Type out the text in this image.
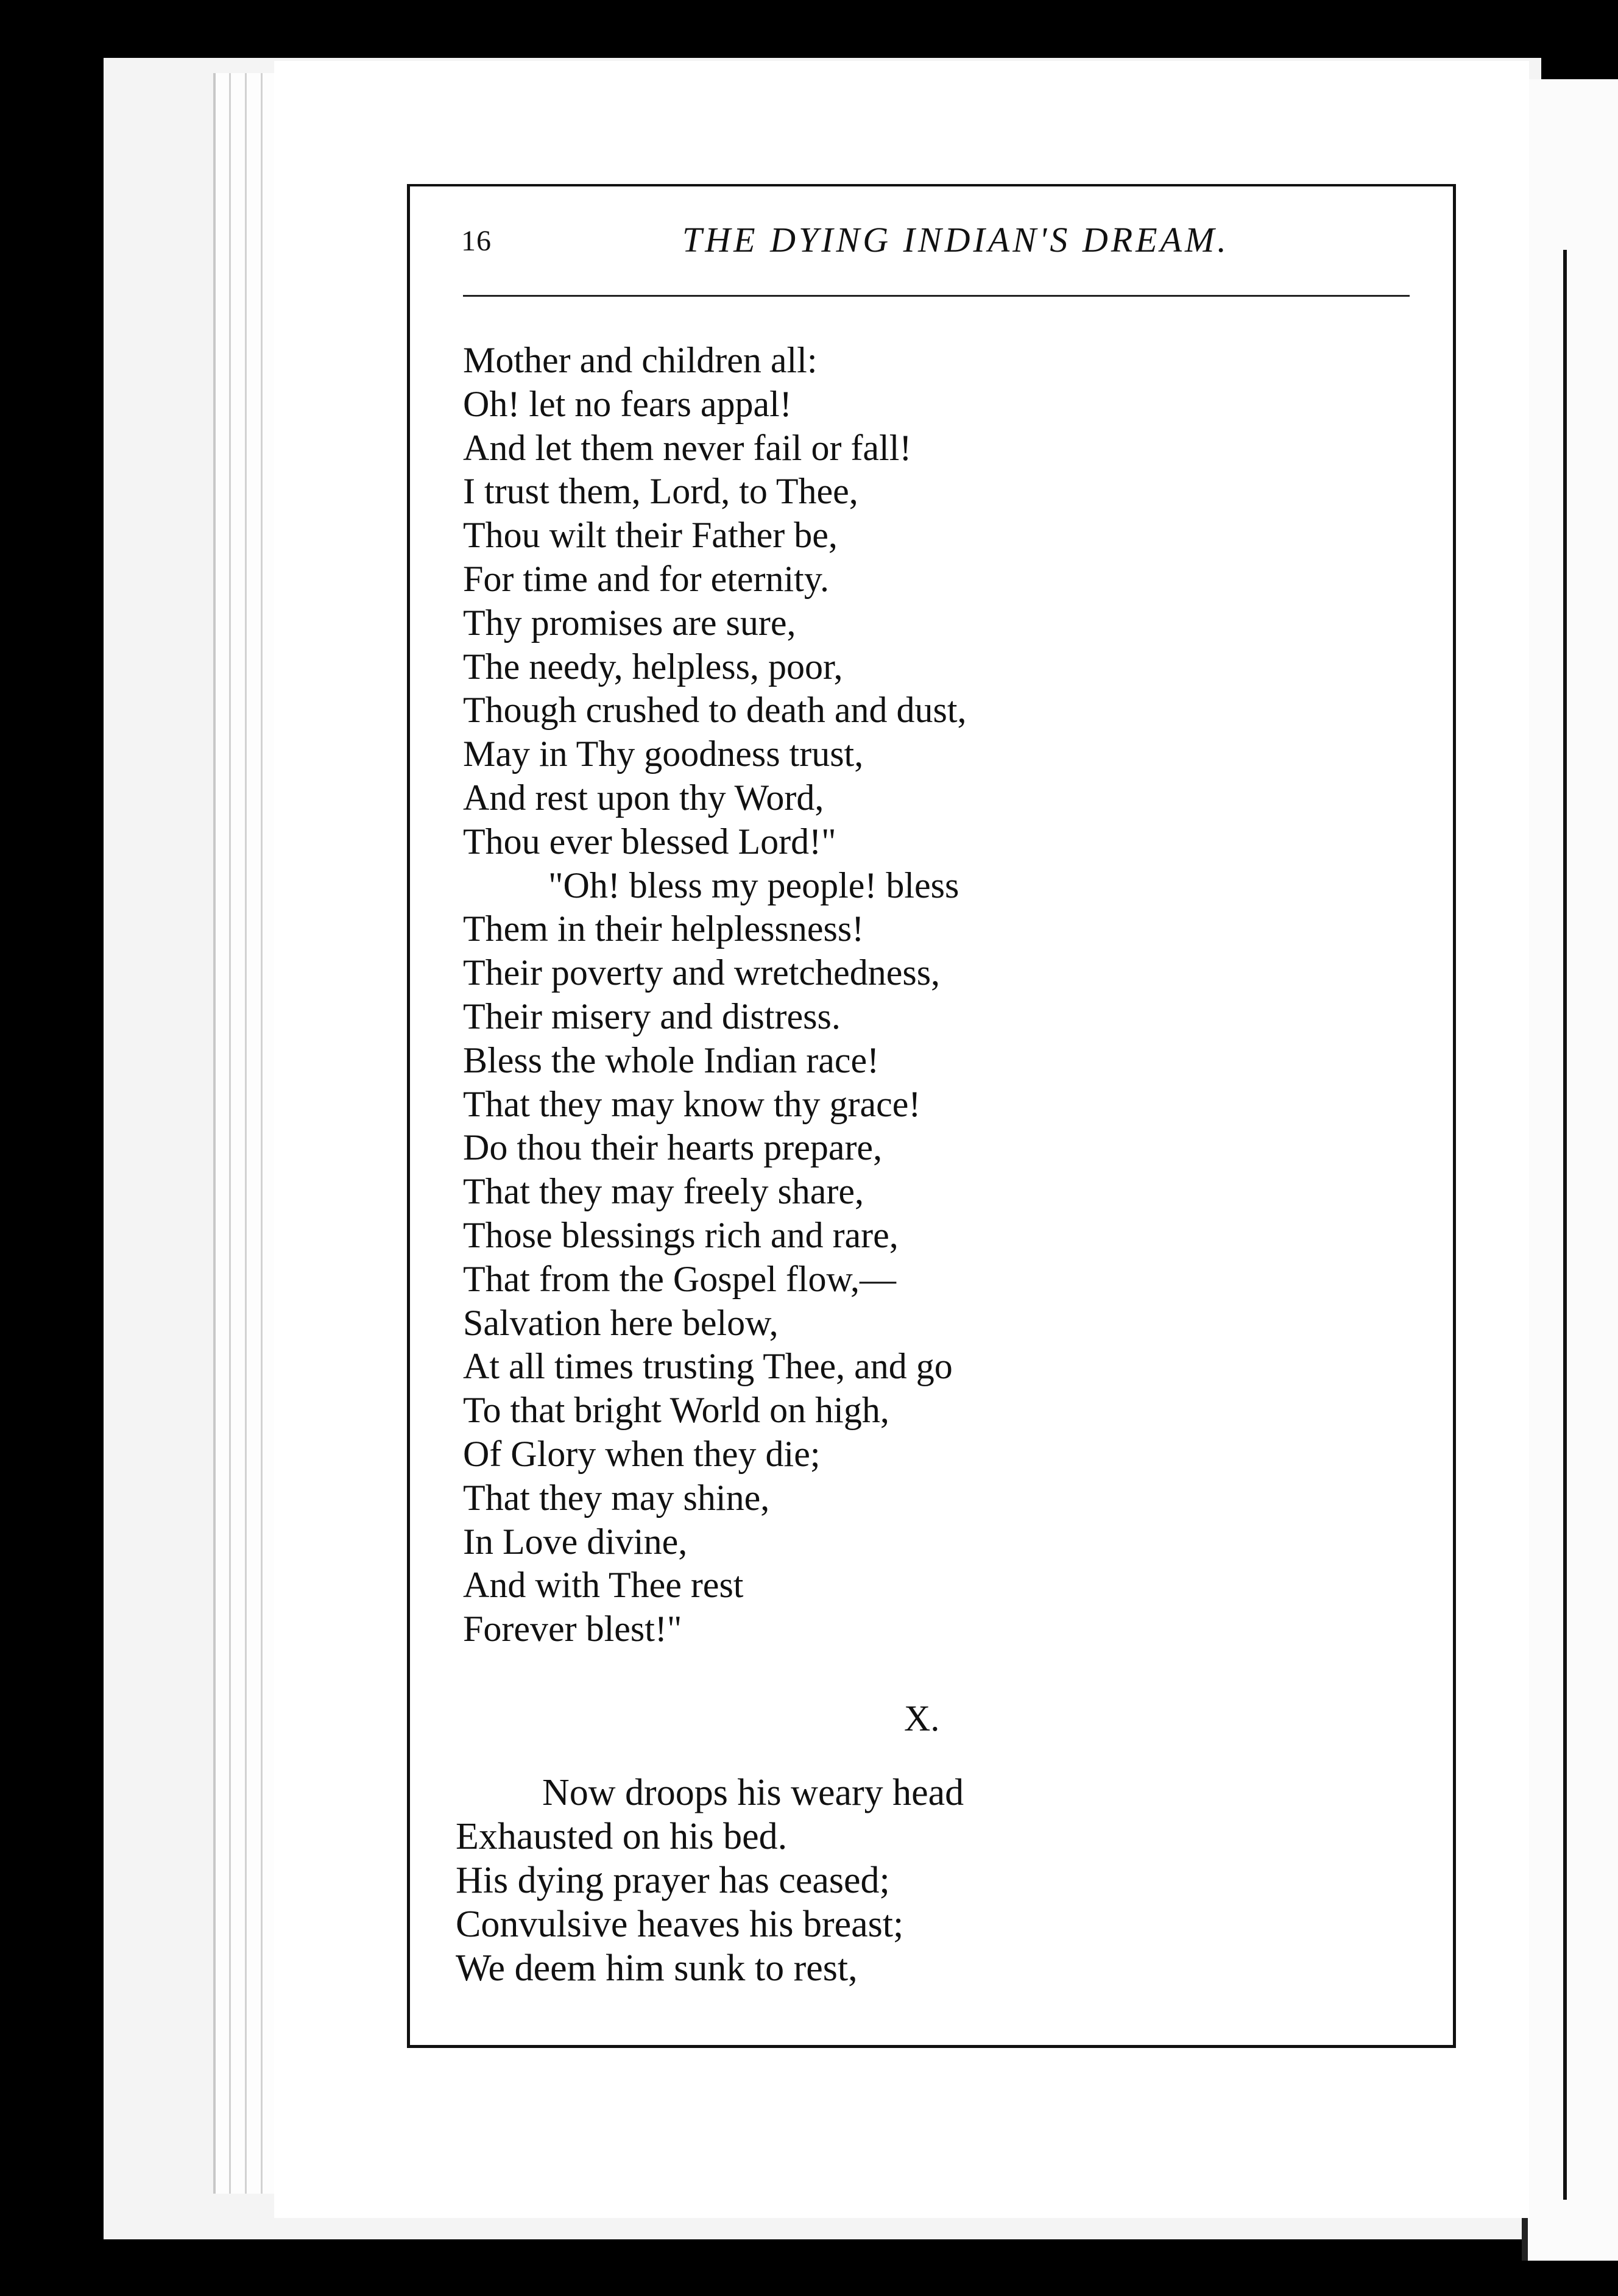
16	THE DYING INDIAN'S DREAM.
Mother and children all:
Oh! let no fears appal!
And let them never fail or fall!
I trust them, Lord, to Thee,
Thou wilt their Father be,
For time and for eternity.
Thy promises are sure,
The needy, helpless, poor,
Though crushed to death and dust,
May in Thy goodness trust,
And rest upon thy Word,
Thou ever blessed Lord!"
"Oh! bless my people! bless
Them in their helplessness!
Their poverty and wretchedness,
Their misery and distress.
Bless the whole Indian race!
That they may know thy grace!
Do thou their hearts prepare,
That they may freely share,
Those blessings rich and rare,
That from the Gospel flow,—
Salvation here below,
At all times trusting Thee, and go
To that bright World on high,
Of Glory when they die;
That they may shine,
In Love divine,
And with Thee rest
Forever blest!"
X.
Now droops his weary head
Exhausted on his bed.
His dying prayer has ceased;
Convulsive heaves his breast;
We deem him sunk to rest,
